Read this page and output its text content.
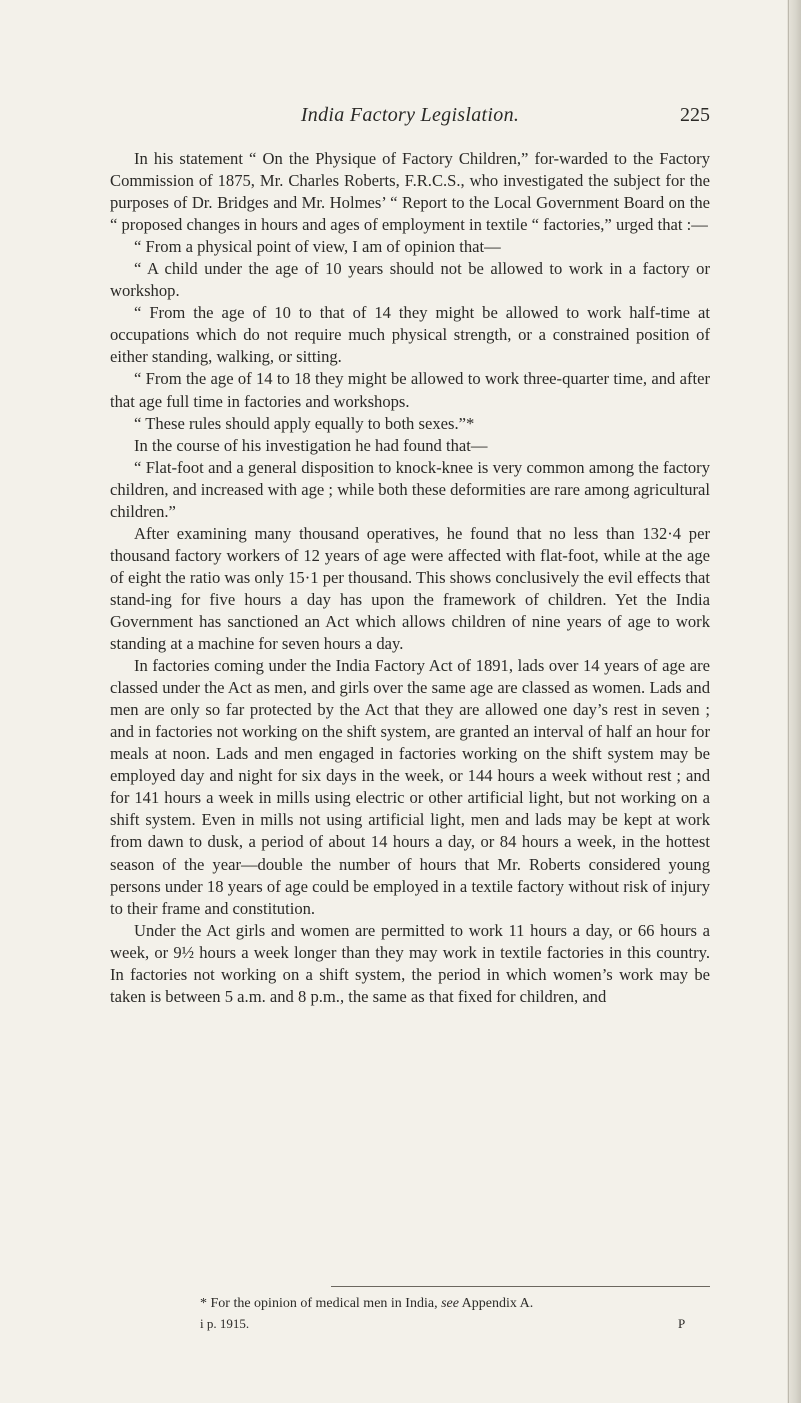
India Factory Legislation.	225

In his statement “ On the Physique of Factory Children,” for-warded to the Factory Commission of 1875, Mr. Charles Roberts, F.R.C.S., who investigated the subject for the purposes of Dr. Bridges and Mr. Holmes’ “ Report to the Local Government Board on the “ proposed changes in hours and ages of employment in textile “ factories,” urged that :—

“ From a physical point of view, I am of opinion that—

“ A child under the age of 10 years should not be allowed to work in a factory or workshop.

“ From the age of 10 to that of 14 they might be allowed to work half-time at occupations which do not require much physical strength, or a constrained position of either standing, walking, or sitting.

“ From the age of 14 to 18 they might be allowed to work three-quarter time, and after that age full time in factories and workshops.

“ These rules should apply equally to both sexes.”*

In the course of his investigation he had found that—

“ Flat-foot and a general disposition to knock-knee is very common among the factory children, and increased with age ; while both these deformities are rare among agricultural children.”

After examining many thousand operatives, he found that no less than 132·4 per thousand factory workers of 12 years of age were affected with flat-foot, while at the age of eight the ratio was only 15·1 per thousand. This shows conclusively the evil effects that stand-ing for five hours a day has upon the framework of children. Yet the India Government has sanctioned an Act which allows children of nine years of age to work standing at a machine for seven hours a day.

In factories coming under the India Factory Act of 1891, lads over 14 years of age are classed under the Act as men, and girls over the same age are classed as women. Lads and men are only so far protected by the Act that they are allowed one day’s rest in seven ; and in factories not working on the shift system, are granted an interval of half an hour for meals at noon. Lads and men engaged in factories working on the shift system may be employed day and night for six days in the week, or 144 hours a week without rest ; and for 141 hours a week in mills using electric or other artificial light, but not working on a shift system. Even in mills not using artificial light, men and lads may be kept at work from dawn to dusk, a period of about 14 hours a day, or 84 hours a week, in the hottest season of the year—double the number of hours that Mr. Roberts considered young persons under 18 years of age could be employed in a textile factory without risk of injury to their frame and constitution.

Under the Act girls and women are permitted to work 11 hours a day, or 66 hours a week, or 9½ hours a week longer than they may work in textile factories in this country. In factories not working on a shift system, the period in which women’s work may be taken is between 5 a.m. and 8 p.m., the same as that fixed for children, and

* For the opinion of medical men in India, see Appendix A.
i p. 1915.	P
